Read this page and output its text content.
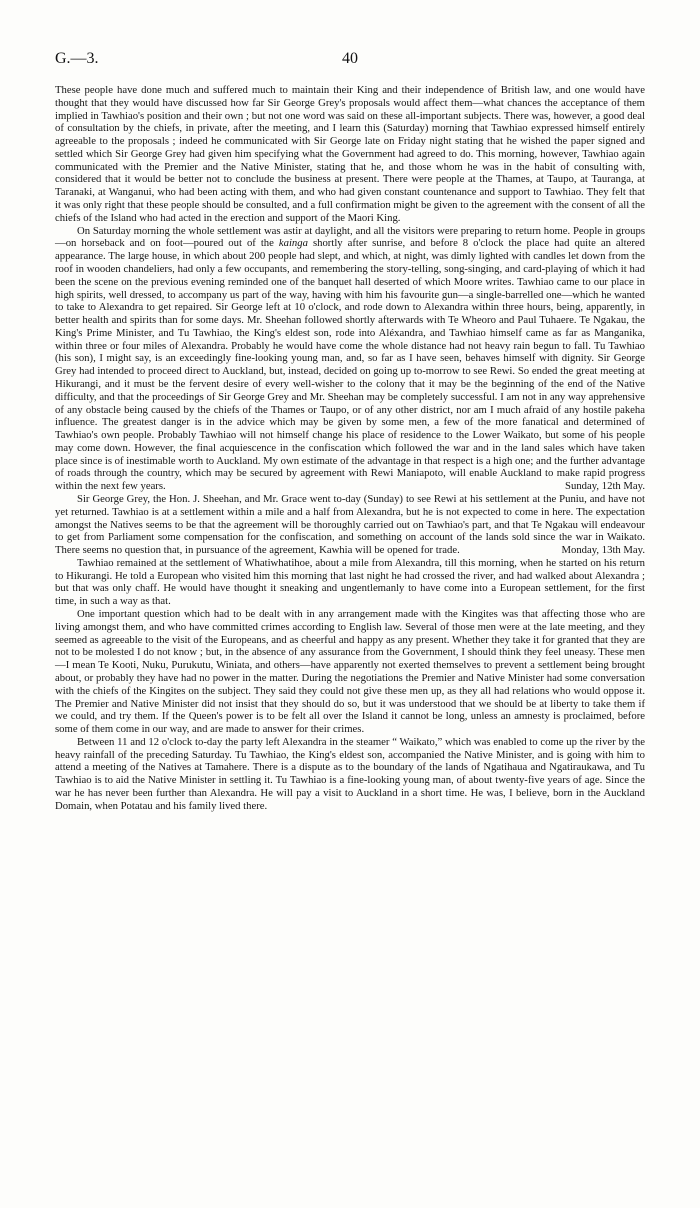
G.—3.	40

These people have done much and suffered much to maintain their King and their independence of British law, and one would have thought that they would have discussed how far Sir George Grey's proposals would affect them—what chances the acceptance of them implied in Tawhiao's position and their own ; but not one word was said on these all-important subjects. There was, however, a good deal of consultation by the chiefs, in private, after the meeting, and I learn this (Saturday) morning that Tawhiao expressed himself entirely agreeable to the proposals ; indeed he communicated with Sir George late on Friday night stating that he wished the paper signed and settled which Sir George Grey had given him specifying what the Government had agreed to do. This morning, however, Tawhiao again communicated with the Premier and the Native Minister, stating that he, and those whom he was in the habit of consulting with, considered that it would be better not to conclude the business at present. There were people at the Thames, at Taupo, at Tauranga, at Taranaki, at Wanganui, who had been acting with them, and who had given constant countenance and support to Tawhiao. They felt that it was only right that these people should be consulted, and a full confirmation might be given to the agreement with the consent of all the chiefs of the Island who had acted in the erection and support of the Maori King.

On Saturday morning the whole settlement was astir at daylight, and all the visitors were preparing to return home. People in groups—on horseback and on foot—poured out of the kainga shortly after sunrise, and before 8 o'clock the place had quite an altered appearance. The large house, in which about 200 people had slept, and which, at night, was dimly lighted with candles let down from the roof in wooden chandeliers, had only a few occupants, and remembering the story-telling, song-singing, and card-playing of which it had been the scene on the previous evening reminded one of the banquet hall deserted of which Moore writes. Tawhiao came to our place in high spirits, well dressed, to accompany us part of the way, having with him his favourite gun—a single-barrelled one—which he wanted to take to Alexandra to get repaired. Sir George left at 10 o'clock, and rode down to Alexandra within three hours, being, apparently, in better health and spirits than for some days. Mr. Sheehan followed shortly afterwards with Te Wheoro and Paul Tuhaere. Te Ngakau, the King's Prime Minister, and Tu Tawhiao, the King's eldest son, rode into Aléxandra, and Tawhiao himself came as far as Manganika, within three or four miles of Alexandra. Probably he would have come the whole distance had not heavy rain begun to fall. Tu Tawhiao (his son), I might say, is an exceedingly fine-looking young man, and, so far as I have seen, behaves himself with dignity. Sir George Grey had intended to proceed direct to Auckland, but, instead, decided on going up to-morrow to see Rewi. So ended the great meeting at Hikurangi, and it must be the fervent desire of every well-wisher to the colony that it may be the beginning of the end of the Native difficulty, and that the proceedings of Sir George Grey and Mr. Sheehan may be completely successful. I am not in any way apprehensive of any obstacle being caused by the chiefs of the Thames or Taupo, or of any other district, nor am I much afraid of any hostile pakeha influence. The greatest danger is in the advice which may be given by some men, a few of the more fanatical and determined of Tawhiao's own people. Probably Tawhiao will not himself change his place of residence to the Lower Waikato, but some of his people may come down. However, the final acquiescence in the confiscation which followed the war and in the land sales which have taken place since is of inestimable worth to Auckland. My own estimate of the advantage in that respect is a high one; and the further advantage of roads through the country, which may be secured by agreement with Rewi Maniapoto, will enable Auckland to make rapid progress within the next few years.	Sunday, 12th May.

Sir George Grey, the Hon. J. Sheehan, and Mr. Grace went to-day (Sunday) to see Rewi at his settlement at the Puniu, and have not yet returned. Tawhiao is at a settlement within a mile and a half from Alexandra, but he is not expected to come in here. The expectation amongst the Natives seems to be that the agreement will be thoroughly carried out on Tawhiao's part, and that Te Ngakau will endeavour to get from Parliament some compensation for the confiscation, and something on account of the lands sold since the war in Waikato. There seems no question that, in pursuance of the agreement, Kawhia will be opened for trade.	Monday, 13th May.

Tawhiao remained at the settlement of Whatiwhatihoe, about a mile from Alexandra, till this morning, when he started on his return to Hikurangi. He told a European who visited him this morning that last night he had crossed the river, and had walked about Alexandra ; but that was only chaff. He would have thought it sneaking and ungentlemanly to have come into a European settlement, for the first time, in such a way as that.

One important question which had to be dealt with in any arrangement made with the Kingites was that affecting those who are living amongst them, and who have committed crimes according to English law. Several of those men were at the late meeting, and they seemed as agreeable to the visit of the Europeans, and as cheerful and happy as any present. Whether they take it for granted that they are not to be molested I do not know ; but, in the absence of any assurance from the Government, I should think they feel uneasy. These men—I mean Te Kooti, Nuku, Purukutu, Winiata, and others—have apparently not exerted themselves to prevent a settlement being brought about, or probably they have had no power in the matter. During the negotiations the Premier and Native Minister had some conversation with the chiefs of the Kingites on the subject. They said they could not give these men up, as they all had relations who would oppose it. The Premier and Native Minister did not insist that they should do so, but it was understood that we should be at liberty to take them if we could, and try them. If the Queen's power is to be felt all over the Island it cannot be long, unless an amnesty is proclaimed, before some of them come in our way, and are made to answer for their crimes.

Between 11 and 12 o'clock to-day the party left Alexandra in the steamer “ Waikato,” which was enabled to come up the river by the heavy rainfall of the preceding Saturday. Tu Tawhiao, the King's eldest son, accompanied the Native Minister, and is going with him to attend a meeting of the Natives at Tamahere. There is a dispute as to the boundary of the lands of Ngatihaua and Ngatiraukawa, and Tu Tawhiao is to aid the Native Minister in settling it. Tu Tawhiao is a fine-looking young man, of about twenty-five years of age. Since the war he has never been further than Alexandra. He will pay a visit to Auckland in a short time. He was, I believe, born in the Auckland Domain, when Potatau and his family lived there.
